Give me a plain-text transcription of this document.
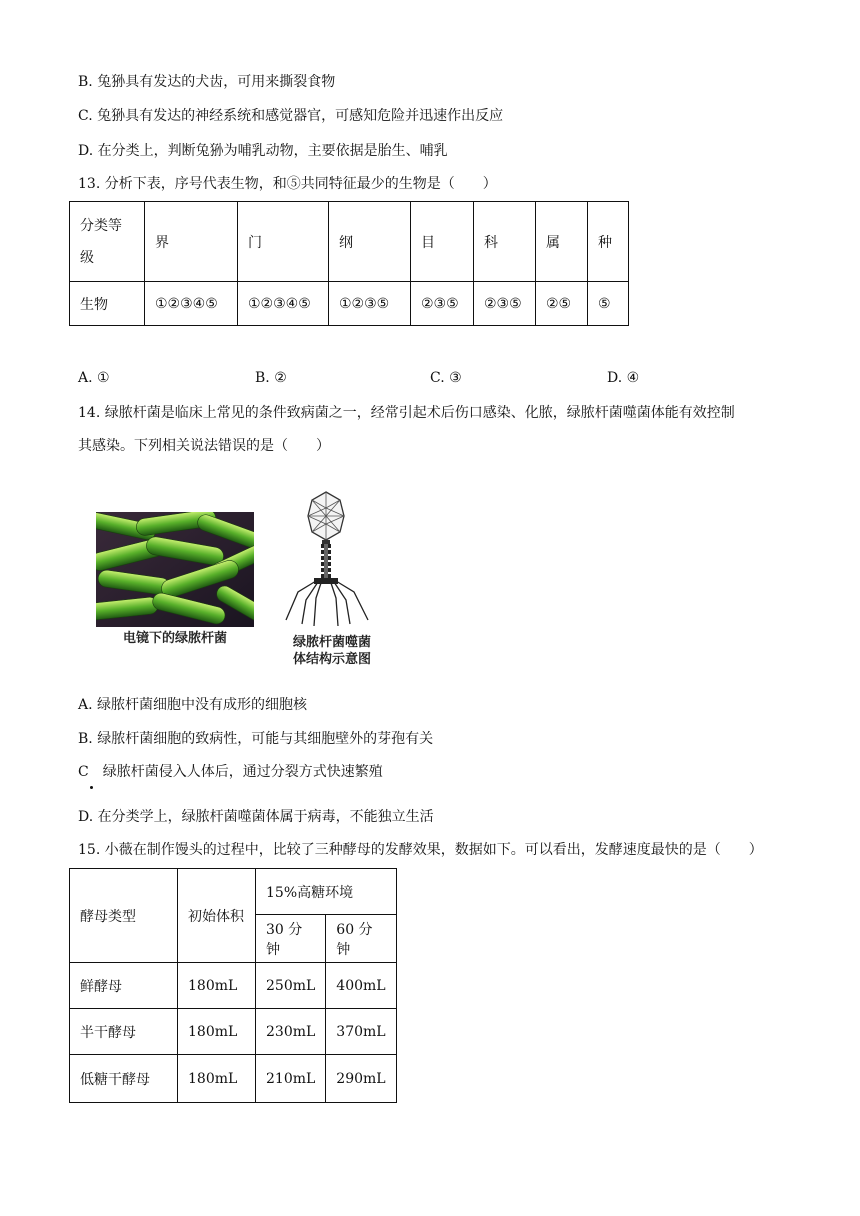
B. 兔狲具有发达的犬齿，可用来撕裂食物
C. 兔狲具有发达的神经系统和感觉器官，可感知危险并迅速作出反应
D. 在分类上，判断兔狲为哺乳动物，主要依据是胎生、哺乳
13. 分析下表，序号代表生物，和⑤共同特征最少的生物是（　　）
分类等级	界	门	纲	目	科	属	种
生物	①②③④⑤	①②③④⑤	①②③⑤	②③⑤	②③⑤	②⑤	⑤
A. ①	B. ②	C. ③	D. ④
14. 绿脓杆菌是临床上常见的条件致病菌之一，经常引起术后伤口感染、化脓，绿脓杆菌噬菌体能有效控制
其感染。下列相关说法错误的是（　　）
电镜下的绿脓杆菌	绿脓杆菌噬菌
体结构示意图
A. 绿脓杆菌细胞中没有成形的细胞核
B. 绿脓杆菌细胞的致病性，可能与其细胞壁外的芽孢有关
C　绿脓杆菌侵入人体后，通过分裂方式快速繁殖
D. 在分类学上，绿脓杆菌噬菌体属于病毒，不能独立生活
15. 小薇在制作馒头的过程中，比较了三种酵母的发酵效果，数据如下。可以看出，发酵速度最快的是（　　）
酵母类型	初始体积	15%高糖环境	
		30 分钟	60 分钟
鲜酵母	180mL	250mL	400mL
半干酵母	180mL	230mL	370mL
低糖干酵母	180mL	210mL	290mL
